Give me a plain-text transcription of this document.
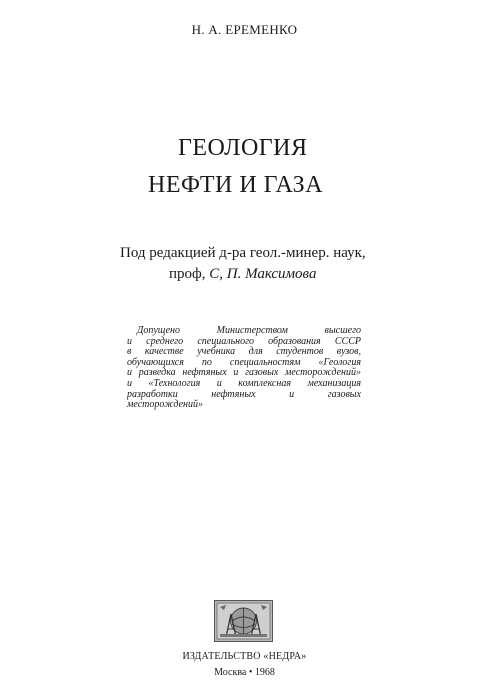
Н. А. ЕРЕМЕНКО
ГЕОЛОГИЯ
НЕФТИ И ГАЗА
Под редакцией д-ра геол.-минер. наук,
проф, С, П. Максимова
Допущено Министерством высшего
и среднего специального образования СССР
в качестве учебника для студентов вузов,
обучающихся по специальностям «Геология
и разведка нефтяных и газовых месторождений»
и «Технология и комплексная механизация
разработки нефтяных и газовых
месторождений»
ИЗДАТЕЛЬСТВО «НЕДРА»
Москва • 1968
